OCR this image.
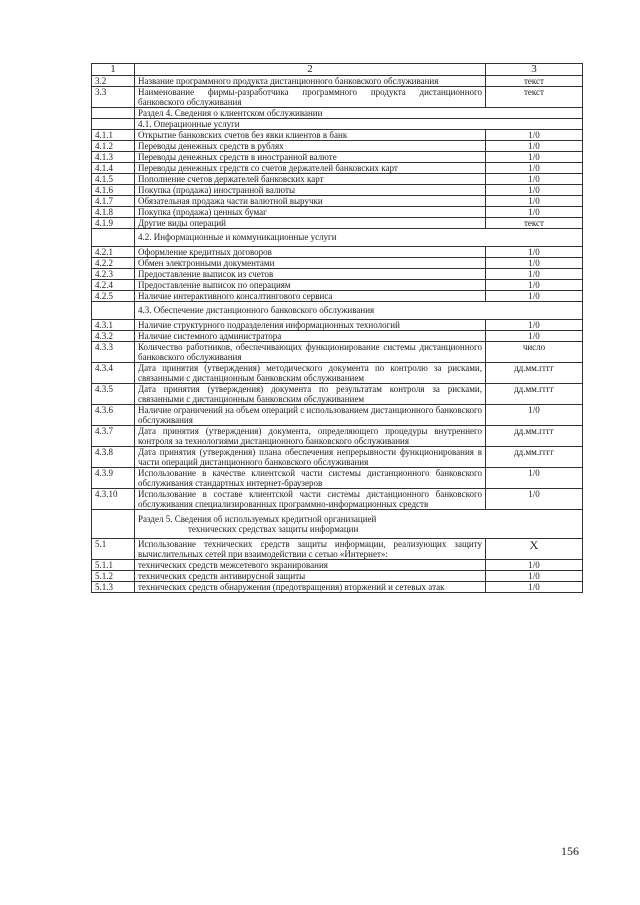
1	2	3
3.2	Название программного продукта дистанционного банковского обслуживания	текст
3.3	Наименование фирмы-разработчика программного продукта дистанционного банковского обслуживания	текст
	Раздел 4. Сведения о клиентском обслуживании	
	4.1. Операционные услуги	
4.1.1	Открытие банковских счетов без явки клиентов в банк	1/0
4.1.2	Переводы денежных средств в рублях	1/0
4.1.3	Переводы денежных средств в иностранной валюте	1/0
4.1.4	Переводы денежных средств со счетов держателей банковских карт	1/0
4.1.5	Пополнение счетов держателей банковских карт	1/0
4.1.6	Покупка (продажа) иностранной валюты	1/0
4.1.7	Обязательная продажа части валютной выручки	1/0
4.1.8	Покупка (продажа) ценных бумаг	1/0
4.1.9	Другие виды операций	текст
	4.2. Информационные и коммуникационные услуги	
4.2.1	Оформление кредитных договоров	1/0
4.2.2	Обмен электронными документами	1/0
4.2.3	Предоставление выписок из счетов	1/0
4.2.4	Предоставление выписок по операциям	1/0
4.2.5	Наличие интерактивного консалтингового сервиса	1/0
	4.3. Обеспечение дистанционного банковского обслуживания	
4.3.1	Наличие структурного подразделения информационных технологий	1/0
4.3.2	Наличие системного администратора	1/0
4.3.3	Количество работников, обеспечивающих функционирование системы дистанционного банковского обслуживания	число
4.3.4	Дата принятия (утверждения) методического документа по контролю за рисками, связанными с дистанционным банковским обслуживанием	дд.мм.гггг
4.3.5	Дата принятия (утверждения) документа по результатам контроля за рисками, связанными с дистанционным банковским обслуживанием	дд.мм.гггг
4.3.6	Наличие ограничений на объем операций с использованием дистанционного банковского обслуживания	1/0
4.3.7	Дата принятия (утверждения) документа, определяющего процедуры внутреннего контроля за технологиями дистанционного банковского обслуживания	дд.мм.гггг
4.3.8	Дата принятия (утверждения) плана обеспечения непрерывности функционирования в части операций дистанционного банковского обслуживания	дд.мм.гггг
4.3.9	Использование в качестве клиентской части системы дистанционного банковского обслуживания стандартных интернет-браузеров	1/0
4.3.10	Использование в составе клиентской части системы дистанционного банковского обслуживания специализированных программно-информационных средств	1/0

	Раздел 5. Сведения об используемых кредитной организацией
технических средствах защиты информации	

5.1	Использование технических средств защиты информации, реализующих защиту вычислительных сетей при взаимодействии с сетью «Интернет»:	X
5.1.1	технических средств межсетевого экранирования	1/0
5.1.2	технических средств антивирусной защиты	1/0
5.1.3	технических средств обнаружения (предотвращения) вторжений и сетевых атак	1/0
156
